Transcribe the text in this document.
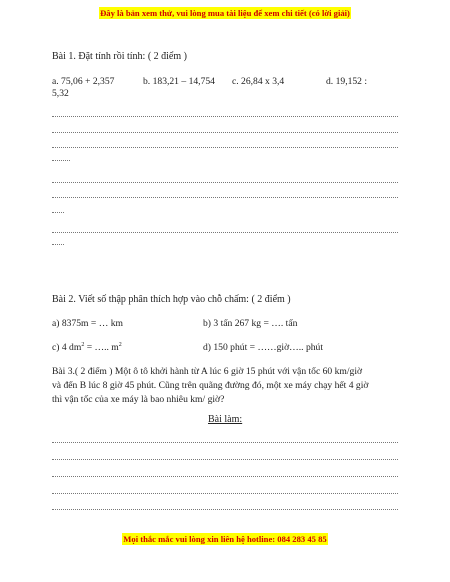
Đây là bản xem thử, vui lòng mua tài liệu để xem chi tiết (có lời giải)
Bài 1. Đặt tính rồi tính: ( 2 điểm )
a. 75,06 + 2,357	b. 183,21 – 14,754 c. 26,84 x 3,4	d. 19,152 :
5,32
Bài 2. Viết số thập phân thích hợp vào chỗ chấm: ( 2 điểm )
a) 8375m = … km	b) 3 tấn 267 kg = …. tấn
c) 4 $dm^2$ = ….. $m^2$	d) 150 phút = ……giờ….. phút
Bài 3.( 2 điểm ) Một ô tô khởi hành từ A lúc 6 giờ 15 phút với vận tốc 60 km/giờ
và đến B lúc 8 giờ 45 phút. Cũng trên quãng đường đó, một xe máy chạy hết 4 giờ
thì vận tốc của xe máy là bao nhiêu km/ giờ?
Bài làm:
Mọi thắc mắc vui lòng xin liên hệ hotline: 084 283 45 85
